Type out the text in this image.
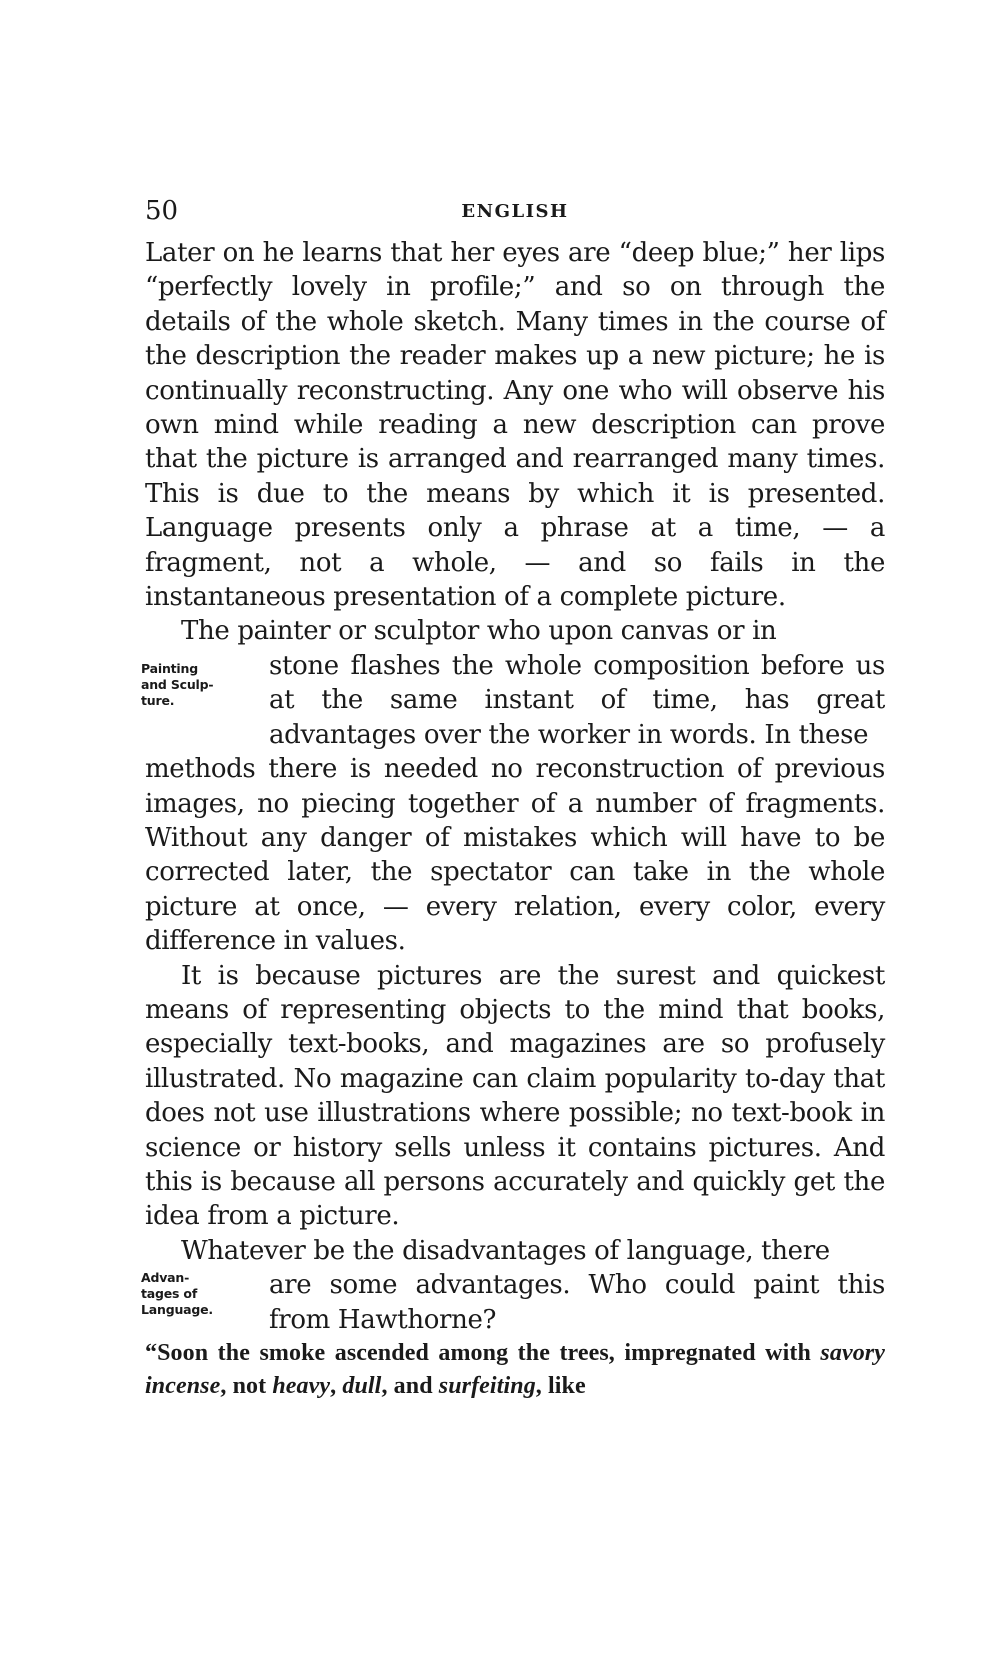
50	ENGLISH

Later on he learns that her eyes are “deep blue;” her lips “perfectly lovely in profile;” and so on through the details of the whole sketch. Many times in the course of the description the reader makes up a new picture; he is continually reconstructing. Any one who will observe his own mind while reading a new description can prove that the picture is arranged and rearranged many times. This is due to the means by which it is presented. Language presents only a phrase at a time, — a fragment, not a whole, — and so fails in the instantaneous presentation of a complete picture.

The painter or sculptor who upon canvas or in

Painting
and Sculp-
ture.

stone flashes the whole composition before us at the same instant of time, has great advantages over the worker in words. In these

methods there is needed no reconstruction of previous images, no piecing together of a number of fragments. Without any danger of mistakes which will have to be corrected later, the spectator can take in the whole picture at once, — every relation, every color, every difference in values.

It is because pictures are the surest and quickest means of representing objects to the mind that books, especially text-books, and magazines are so profusely illustrated. No magazine can claim popularity to-day that does not use illustrations where possible; no text-book in science or history sells unless it contains pictures. And this is because all persons accurately and quickly get the idea from a picture.

Whatever be the disadvantages of language, there

Advan-
tages of
Language.

are some advantages. Who could paint this from Hawthorne?

“Soon the smoke ascended among the trees, impregnated with savory incense, not heavy, dull, and surfeiting, like
